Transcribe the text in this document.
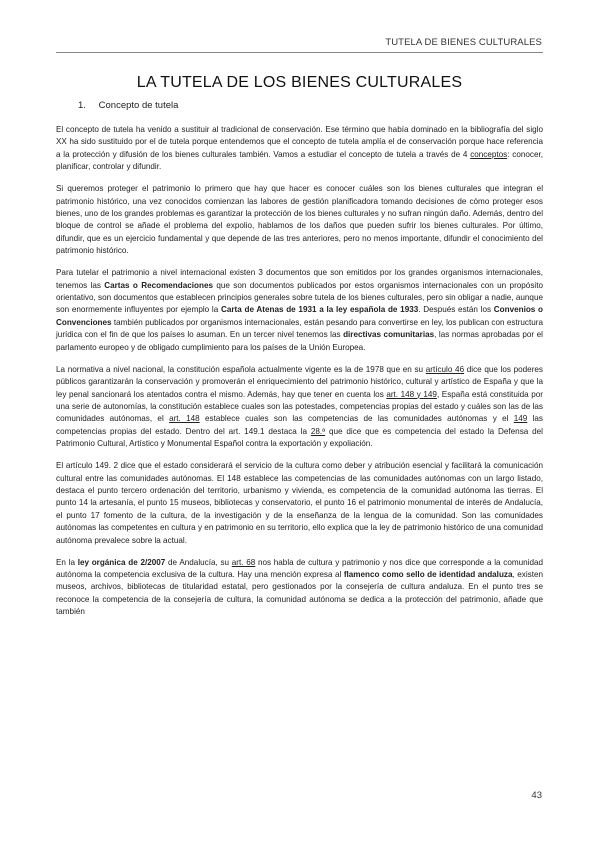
TUTELA DE BIENES CULTURALES
LA TUTELA DE LOS BIENES CULTURALES
1. Concepto de tutela

El concepto de tutela ha venido a sustituir al tradicional de conservación. Ese término que había dominado en la bibliografía del siglo XX ha sido sustituido por el de tutela porque entendemos que el concepto de tutela amplía el de conservación porque hace referencia a la protección y difusión de los bienes culturales también. Vamos a estudiar el concepto de tutela a través de 4 conceptos: conocer, planificar, controlar y difundir.

Si queremos proteger el patrimonio lo primero que hay que hacer es conocer cuáles son los bienes culturales que integran el patrimonio histórico, una vez conocidos comienzan las labores de gestión planificadora tomando decisiones de cómo proteger esos bienes, uno de los grandes problemas es garantizar la protección de los bienes culturales y no sufran ningún daño. Además, dentro del bloque de control se añade el problema del expolio, hablamos de los daños que pueden sufrir los bienes culturales. Por último, difundir, que es un ejercicio fundamental y que depende de las tres anteriores, pero no menos importante, difundir el conocimiento del patrimonio histórico.

Para tutelar el patrimonio a nivel internacional existen 3 documentos que son emitidos por los grandes organismos internacionales, tenemos las Cartas o Recomendaciones que son documentos publicados por estos organismos internacionales con un propósito orientativo, son documentos que establecen principios generales sobre tutela de los bienes culturales, pero sin obligar a nadie, aunque son enormemente influyentes por ejemplo la Carta de Atenas de 1931 a la ley española de 1933. Después están los Convenios o Convenciones también publicados por organismos internacionales, están pesando para convertirse en ley, los publican con estructura jurídica con el fin de que los países lo asuman. En un tercer nivel tenemos las directivas comunitarias, las normas aprobadas por el parlamento europeo y de obligado cumplimiento para los países de la Unión Europea.

La normativa a nivel nacional, la constitución española actualmente vigente es la de 1978 que en su artículo 46 dice que los poderes públicos garantizarán la conservación y promoverán el enriquecimiento del patrimonio histórico, cultural y artístico de España y que la ley penal sancionará los atentados contra el mismo. Además, hay que tener en cuenta los art. 148 y 149, España está constituida por una serie de autonomías, la constitución establece cuales son las potestades, competencias propias del estado y cuáles son las de las comunidades autónomas, el art. 148 establece cuales son las competencias de las comunidades autónomas y el 149 las competencias propias del estado. Dentro del art. 149.1 destaca la 28.ª que dice que es competencia del estado la Defensa del Patrimonio Cultural, Artístico y Monumental Español contra la exportación y expoliación.

El artículo 149. 2 dice que el estado considerará el servicio de la cultura como deber y atribución esencial y facilitará la comunicación cultural entre las comunidades autónomas. El 148 establece las competencias de las comunidades autónomas con un largo listado, destaca el punto tercero ordenación del territorio, urbanismo y vivienda, es competencia de la comunidad autónoma las tierras. El punto 14 la artesanía, el punto 15 museos, bibliotecas y conservatorio, el punto 16 el patrimonio monumental de interés de Andalucía, el punto 17 fomento de la cultura, de la investigación y de la enseñanza de la lengua de la comunidad. Son las comunidades autónomas las competentes en cultura y en patrimonio en su territorio, ello explica que la ley de patrimonio histórico de una comunidad autónoma prevalece sobre la actual.

En la ley orgánica de 2/2007 de Andalucía, su art. 68 nos habla de cultura y patrimonio y nos dice que corresponde a la comunidad autónoma la competencia exclusiva de la cultura. Hay una mención expresa al flamenco como sello de identidad andaluza, existen museos, archivos, bibliotecas de titularidad estatal, pero gestionados por la consejería de cultura andaluza. En el punto tres se reconoce la competencia de la consejería de cultura, la comunidad autónoma se dedica a la protección del patrimonio, añade que también

43
